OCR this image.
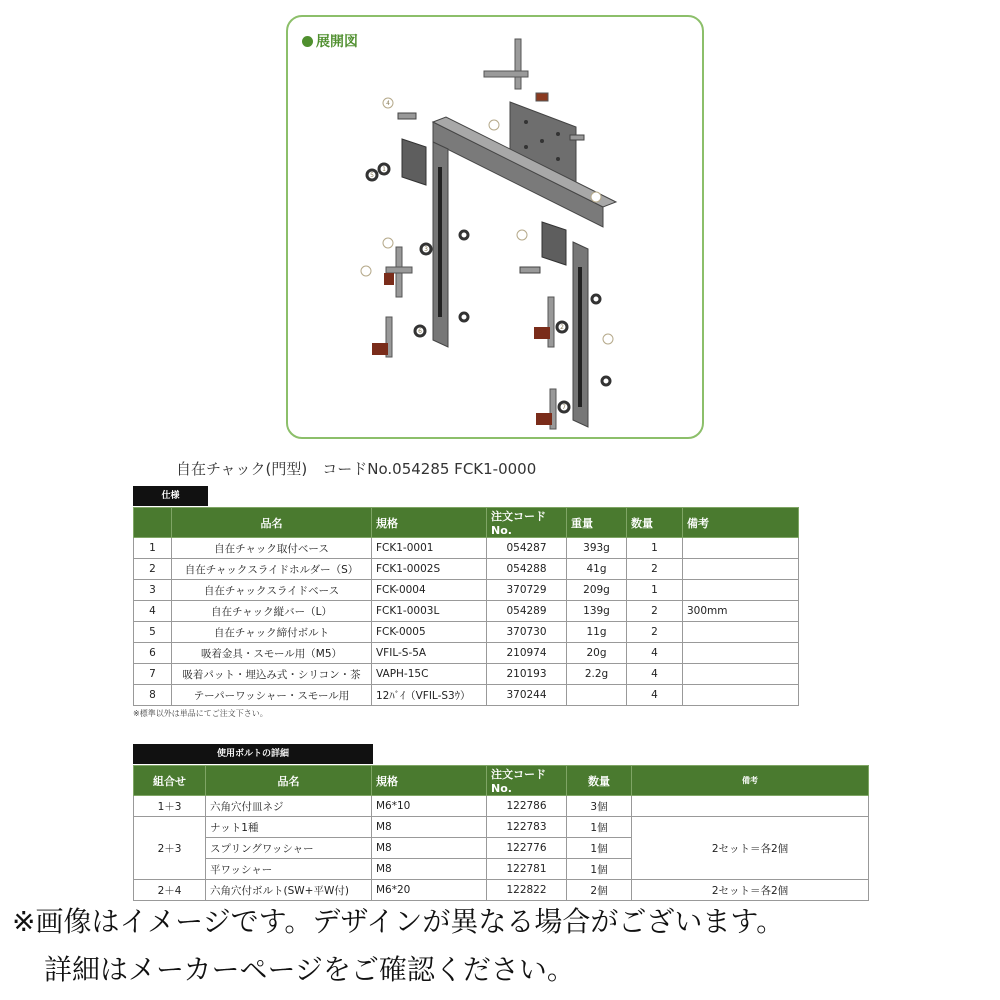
展開図
5
1
3
6
7
2
4
自在チャック(門型)　コードNo.054285 FCK1-0000
仕様
	品名	規格	注文コードNo.	重量	数量	備考
1	自在チャック取付ベース	FCK1-0001	054287	393g	1	
2	自在チャックスライドホルダー（S）	FCK1-0002S	054288	41g	2	
3	自在チャックスライドベース	FCK-0004	370729	209g	1	
4	自在チャック縦バー（L）	FCK1-0003L	054289	139g	2	300mm
5	自在チャック締付ボルト	FCK-0005	370730	11g	2	
6	吸着金具・スモール用（M5）	VFIL-S-5A	210974	20g	4	
7	吸着パット・埋込み式・シリコン・茶	VAPH-15C	210193	2.2g	4	
8	テーパーワッシャー・スモール用	12ﾊﾞｲ（VFIL-S3ｳ）	370244		4	
※標準以外は単品にてご注文下さい。
使用ボルトの詳細
組合せ	品名	規格	注文コードNo.	数量	備考
1＋3	六角穴付皿ネジ	M6*10	122786	3個	
2＋3	ナット1種	M8	122783	1個	2セット＝各2個
	スプリングワッシャー	M8	122776	1個	
	平ワッシャー	M8	122781	1個	
2＋4	六角穴付ボルト(SW+平W付)	M6*20	122822	2個	2セット＝各2個
※画像はイメージです。デザインが異なる場合がございます。
詳細はメーカーページをご確認ください。
